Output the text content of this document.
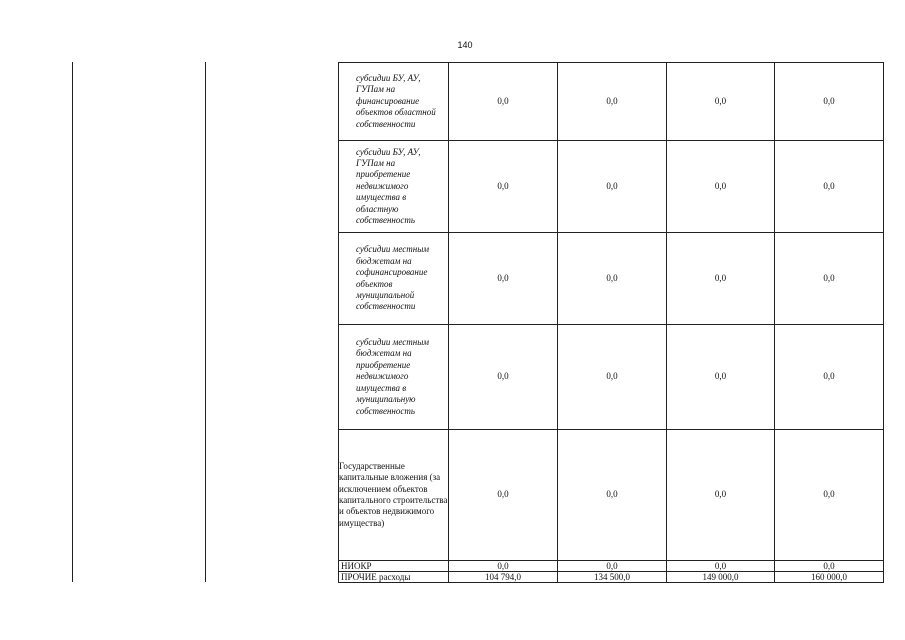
140
субсидии БУ, АУ, ГУПам на финансирование объектов областной собственности	0,0	0,0	0,0	0,0
субсидии БУ, АУ, ГУПам на приобретение недвижимого имущества в областную собственность	0,0	0,0	0,0	0,0
субсидии местным бюджетам на софинансирование объектов муниципальной собственности	0,0	0,0	0,0	0,0
субсидии местным бюджетам на приобретение недвижимого имущества в муниципальную собственность	0,0	0,0	0,0	0,0
Государственные капитальные вложения (за исключением объектов капитального строительства и объектов недвижимого имущества)	0,0	0,0	0,0	0,0
НИОКР	0,0	0,0	0,0	0,0
ПРОЧИЕ расходы	104 794,0	134 500,0	149 000,0	160 000,0
